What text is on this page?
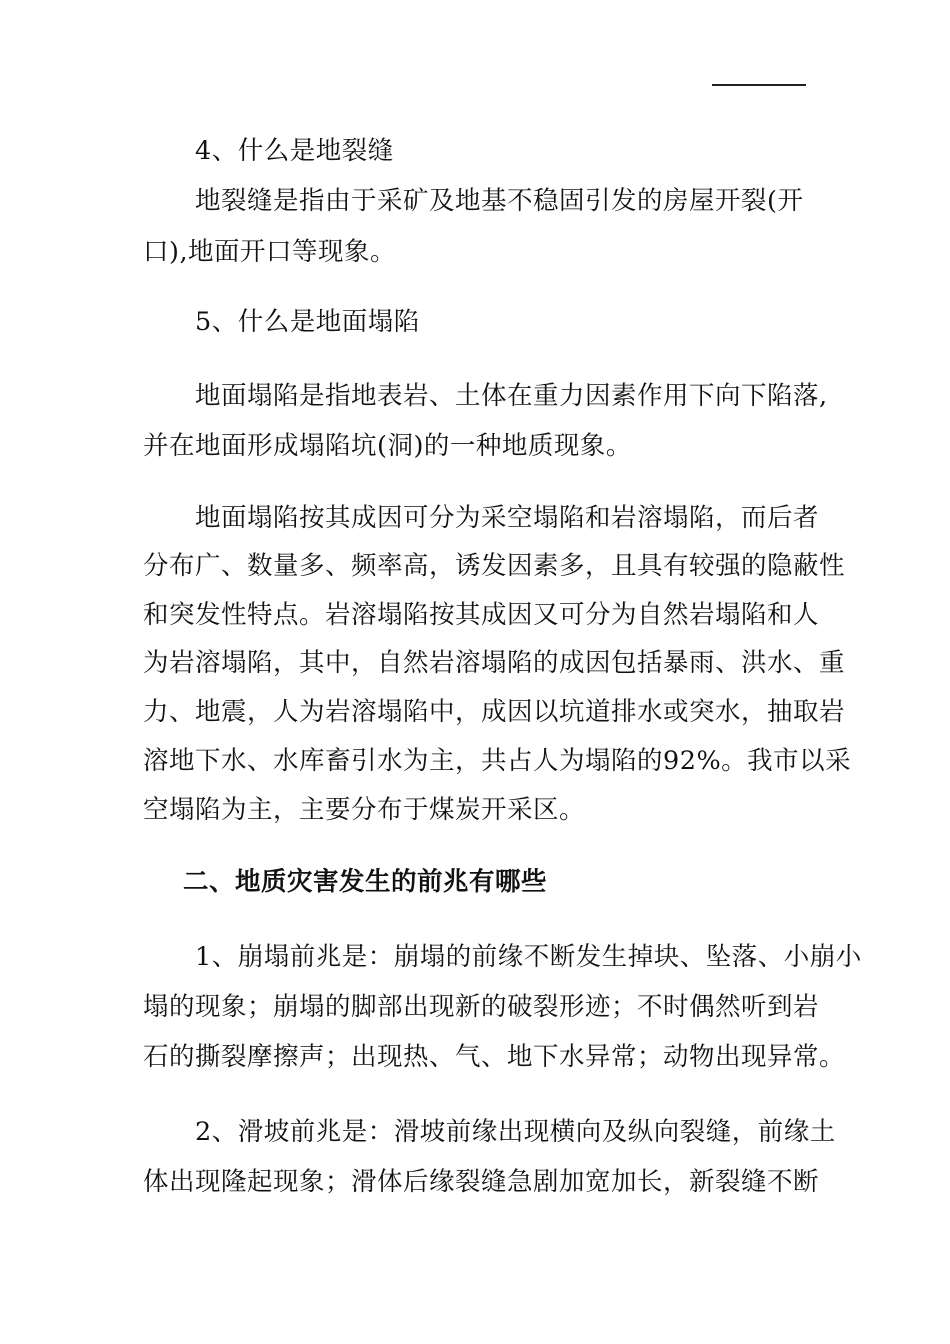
4、什么是地裂缝

地裂缝是指由于采矿及地基不稳固引发的房屋开裂(开

口),地面开口等现象。

5、什么是地面塌陷

地面塌陷是指地表岩、土体在重力因素作用下向下陷落,

并在地面形成塌陷坑(洞)的一种地质现象。

地面塌陷按其成因可分为采空塌陷和岩溶塌陷，而后者

分布广、数量多、频率高，诱发因素多，且具有较强的隐蔽性

和突发性特点。岩溶塌陷按其成因又可分为自然岩塌陷和人

为岩溶塌陷，其中，自然岩溶塌陷的成因包括暴雨、洪水、重

力、地震，人为岩溶塌陷中，成因以坑道排水或突水，抽取岩

溶地下水、水库畜引水为主，共占人为塌陷的92%。我市以采

空塌陷为主，主要分布于煤炭开采区。

二、地质灾害发生的前兆有哪些

1、崩塌前兆是：崩塌的前缘不断发生掉块、坠落、小崩小

塌的现象；崩塌的脚部出现新的破裂形迹；不时偶然听到岩

石的撕裂摩擦声；出现热、气、地下水异常；动物出现异常。

2、滑坡前兆是：滑坡前缘出现横向及纵向裂缝，前缘土

体出现隆起现象；滑体后缘裂缝急剧加宽加长，新裂缝不断
